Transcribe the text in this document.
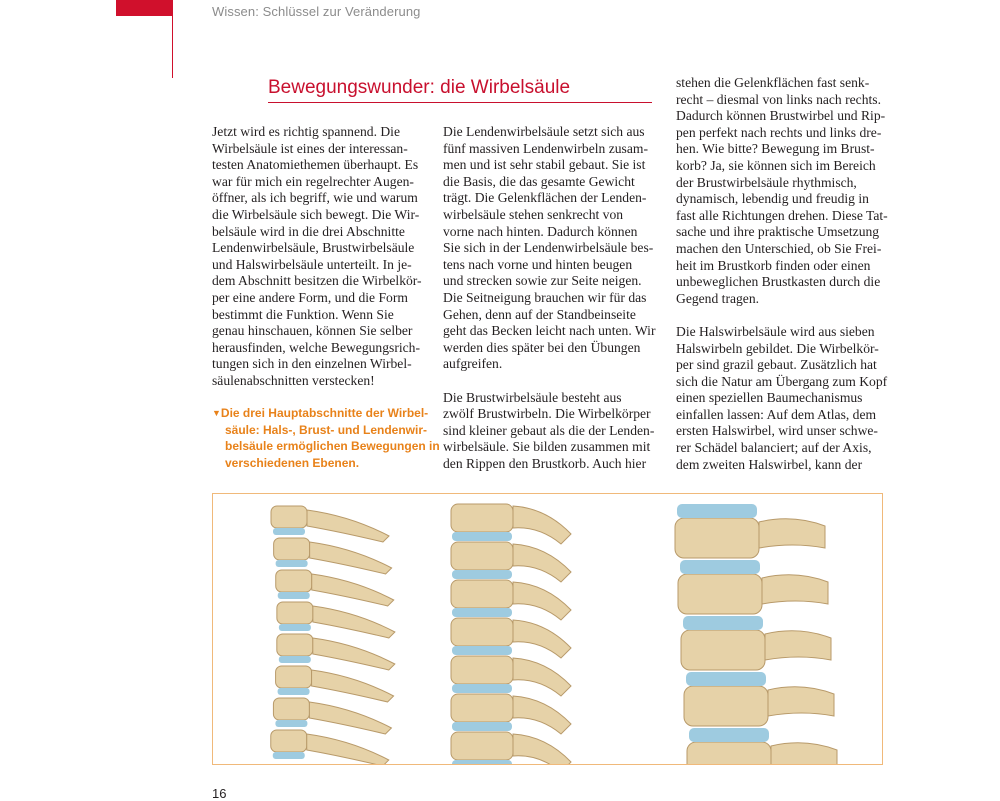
Wissen: Schlüssel zur Veränderung
Bewegungswunder: die Wirbelsäule

Jetzt wird es richtig spannend. Die

Wirbelsäule ist eines der interessan-

testen Anatomiethemen überhaupt. Es

war für mich ein regelrechter Augen-

öffner, als ich begriff, wie und warum

die Wirbelsäule sich bewegt. Die Wir-

belsäule wird in die drei Abschnitte

Lendenwirbelsäule, Brustwirbelsäule

und Halswirbelsäule unterteilt. In je-

dem Abschnitt besitzen die Wirbelkör-

per eine andere Form, und die Form

bestimmt die Funktion. Wenn Sie

genau hinschauen, können Sie selber

herausfinden, welche Bewegungsrich-

tungen sich in den einzelnen Wirbel-

säulenabschnitten verstecken!

▼Die drei Hauptabschnitte der Wirbel-

säule: Hals-, Brust- und Lendenwir-

belsäule ermöglichen Bewegungen in

verschiedenen Ebenen.

Die Lendenwirbelsäule setzt sich aus

fünf massiven Lendenwirbeln zusam-

men und ist sehr stabil gebaut. Sie ist

die Basis, die das gesamte Gewicht

trägt. Die Gelenkflächen der Lenden-

wirbelsäule stehen senkrecht von

vorne nach hinten. Dadurch können

Sie sich in der Lendenwirbelsäule bes-

tens nach vorne und hinten beugen

und strecken sowie zur Seite neigen.

Die Seitneigung brauchen wir für das

Gehen, denn auf der Standbeinseite

geht das Becken leicht nach unten. Wir

werden dies später bei den Übungen

aufgreifen.

Die Brustwirbelsäule besteht aus

zwölf Brustwirbeln. Die Wirbelkörper

sind kleiner gebaut als die der Lenden-

wirbelsäule. Sie bilden zusammen mit

den Rippen den Brustkorb. Auch hier

stehen die Gelenkflächen fast senk-

recht – diesmal von links nach rechts.

Dadurch können Brustwirbel und Rip-

pen perfekt nach rechts und links dre-

hen. Wie bitte? Bewegung im Brust-

korb? Ja, sie können sich im Bereich

der Brustwirbelsäule rhythmisch,

dynamisch, lebendig und freudig in

fast alle Richtungen drehen. Diese Tat-

sache und ihre praktische Umsetzung

machen den Unterschied, ob Sie Frei-

heit im Brustkorb finden oder einen

unbeweglichen Brustkasten durch die

Gegend tragen.

Die Halswirbelsäule wird aus sieben

Halswirbeln gebildet. Die Wirbelkör-

per sind grazil gebaut. Zusätzlich hat

sich die Natur am Übergang zum Kopf

einen speziellen Baumechanismus

einfallen lassen: Auf dem Atlas, dem

ersten Halswirbel, wird unser schwe-

rer Schädel balanciert; auf der Axis,

dem zweiten Halswirbel, kann der

16
